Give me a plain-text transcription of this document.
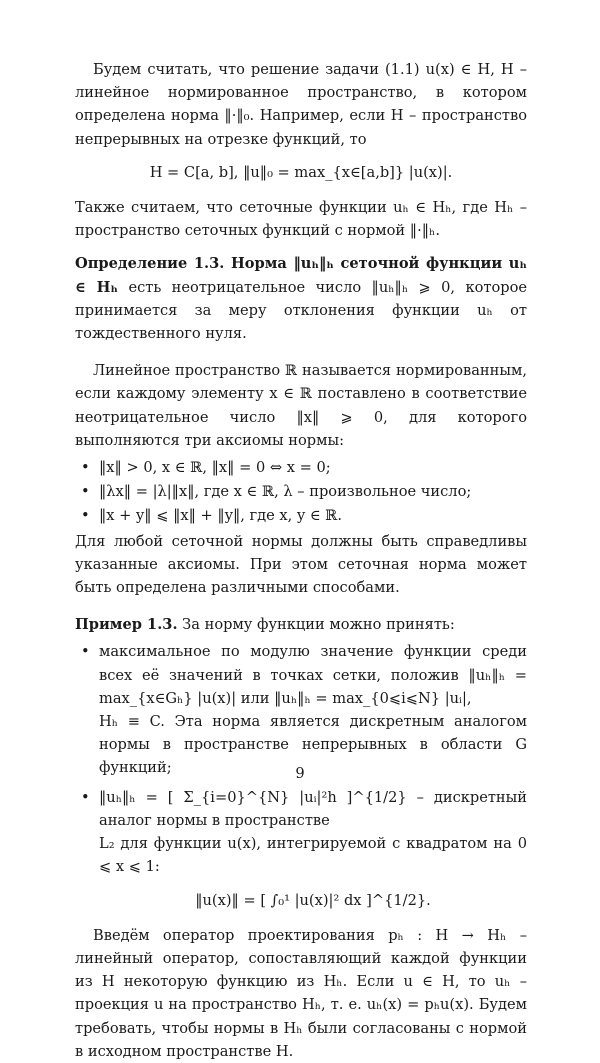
Будем считать, что решение задачи (1.1) u(x) ∈ H, H – линейное нормированное пространство, в котором определена норма ‖·‖₀. Например, если H – пространство непрерывных на отрезке функций, то

H = C[a, b], ‖u‖₀ = max_{x∈[a,b]} |u(x)|.

Также считаем, что сеточные функции uₕ ∈ Hₕ, где Hₕ – пространство сеточных функций с нормой ‖·‖ₕ.

Определение 1.3. Норма ‖uₕ‖ₕ сеточной функции uₕ ∈ Hₕ есть неотрицательное число ‖uₕ‖ₕ ⩾ 0, которое принимается за меру отклонения функции uₕ от тождественного нуля.

Линейное пространство ℝ называется нормированным, если каждому элементу x ∈ ℝ поставлено в соответствие неотрицательное число ‖x‖ ⩾ 0, для которого выполняются три аксиомы нормы:

• ‖x‖ > 0, x ∈ ℝ, ‖x‖ = 0 ⇔ x = 0;
• ‖λx‖ = |λ|‖x‖, где x ∈ ℝ, λ – произвольное число;
• ‖x + y‖ ⩽ ‖x‖ + ‖y‖, где x, y ∈ ℝ.

Для любой сеточной нормы должны быть справедливы указанные аксиомы. При этом сеточная норма может быть определена различными способами.

Пример 1.3. За норму функции можно принять:

• максимальное по модулю значение функции среди всех её значений в точках сетки, положив ‖uₕ‖ₕ = max_{x∈Gₕ} |u(x)| или ‖uₕ‖ₕ = max_{0⩽i⩽N} |uᵢ|,

Hₕ ≡ C. Эта норма является дискретным аналогом нормы в пространстве непрерывных в области G функций;

• ‖uₕ‖ₕ = [ Σ_{i=0}^{N} |uᵢ|²h ]^{1/2} – дискретный аналог нормы в пространстве

L₂ для функции u(x), интегрируемой с квадратом на 0 ⩽ x ⩽ 1:

‖u(x)‖ = [ ∫₀¹ |u(x)|² dx ]^{1/2}.

Введём оператор проектирования pₕ : H → Hₕ – линейный оператор, сопоставляющий каждой функции из H некоторую функцию из Hₕ. Если u ∈ H, то uₕ – проекция u на пространство Hₕ, т. е. uₕ(x) = pₕu(x). Будем требовать, чтобы нормы в Hₕ были согласованы с нормой в исходном пространстве H.

9
